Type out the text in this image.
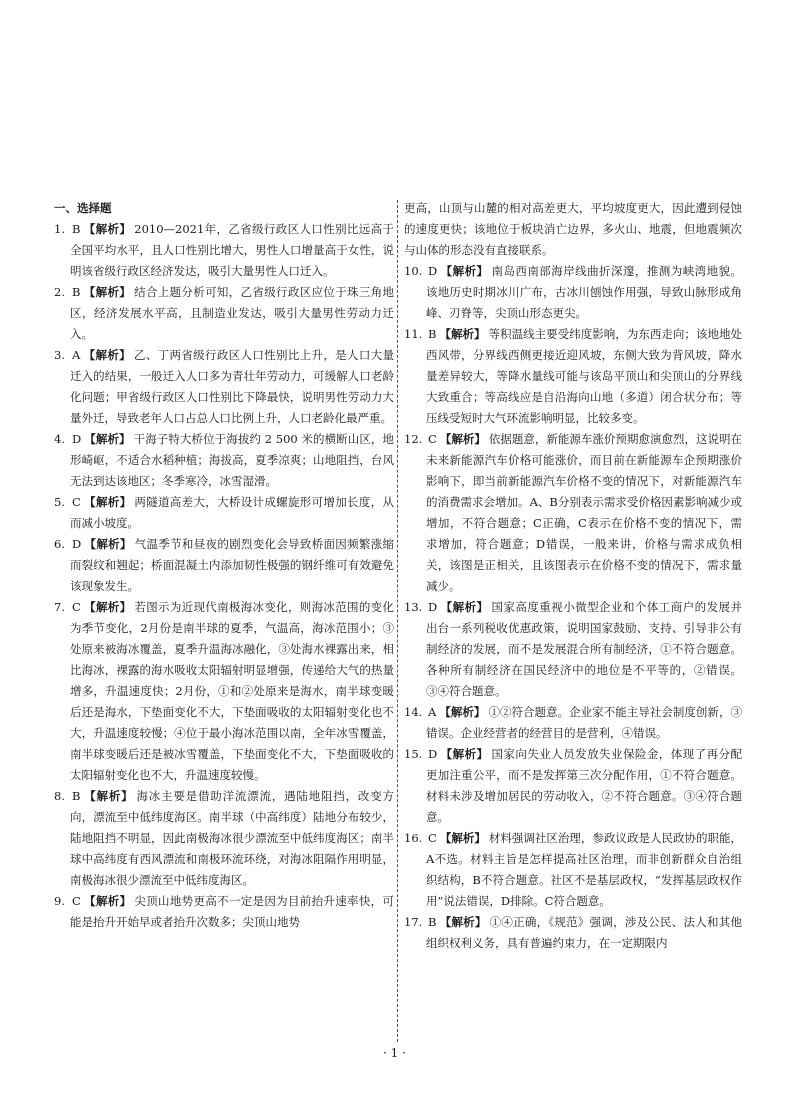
一、选择题
1. B 【解析】 2010—2021年，乙省级行政区人口性别比远高于全国平均水平，且人口性别比增大，男性人口增量高于女性，说明该省级行政区经济发达，吸引大量男性人口迁入。
2. B 【解析】 结合上题分析可知，乙省级行政区应位于珠三角地区，经济发展水平高，且制造业发达，吸引大量男性劳动力迁入。
3. A 【解析】 乙、丁两省级行政区人口性别比上升，是人口大量迁入的结果，一般迁入人口多为青壮年劳动力，可缓解人口老龄化问题；甲省级行政区人口性别比下降最快，说明男性劳动力大量外迁，导致老年人口占总人口比例上升，人口老龄化最严重。
4. D 【解析】 干海子特大桥位于海拔约 2 500 米的横断山区，地形崎岖，不适合水稻种植；海拔高，夏季凉爽；山地阻挡，台风无法到达该地区；冬季寒冷，冰雪湿滑。
5. C 【解析】 两隧道高差大，大桥设计成螺旋形可增加长度，从而减小坡度。
6. D 【解析】 气温季节和昼夜的剧烈变化会导致桥面因频繁涨缩而裂纹和翘起；桥面混凝土内添加韧性极强的钢纤维可有效避免该现象发生。
7. C 【解析】 若图示为近现代南极海冰变化，则海冰范围的变化为季节变化，2月份是南半球的夏季，气温高，海冰范围小；③处原来被海冰覆盖，夏季升温海冰融化，③处海水裸露出来，相比海冰，裸露的海水吸收太阳辐射明显增强，传递给大气的热量增多，升温速度快；2月份，①和②处原来是海水，南半球变暖后还是海水，下垫面变化不大，下垫面吸收的太阳辐射变化也不大，升温速度较慢；④位于最小海冰范围以南，全年冰雪覆盖，南半球变暖后还是被冰雪覆盖，下垫面变化不大，下垫面吸收的太阳辐射变化也不大，升温速度较慢。
8. B 【解析】 海冰主要是借助洋流漂流，遇陆地阻挡，改变方向，漂流至中低纬度海区。南半球（中高纬度）陆地分布较少，陆地阻挡不明显，因此南极海冰很少漂流至中低纬度海区；南半球中高纬度有西风漂流和南极环流环绕，对海冰阻隔作用明显，南极海冰很少漂流至中低纬度海区。
9. C 【解析】 尖顶山地势更高不一定是因为目前抬升速率快，可能是抬升开始早或者抬升次数多；尖顶山地势
更高，山顶与山麓的相对高差更大，平均坡度更大，因此遭到侵蚀的速度更快；该地位于板块消亡边界，多火山、地震，但地震频次与山体的形态没有直接联系。
10. D 【解析】 南岛西南部海岸线曲折深邃，推测为峡湾地貌。该地历史时期冰川广布，古冰川刨蚀作用强，导致山脉形成角峰、刃脊等，尖顶山形态更尖。
11. B 【解析】 等积温线主要受纬度影响，为东西走向；该地地处西风带，分界线西侧更接近迎风坡，东侧大致为背风坡，降水量差异较大，等降水量线可能与该岛平顶山和尖顶山的分界线大致重合；等高线应是自沿海向山地（多道）闭合状分布；等压线受短时大气环流影响明显，比较多变。
12. C 【解析】 依据题意，新能源车涨价预期愈演愈烈，这说明在未来新能源汽车价格可能涨价，而目前在新能源车企预期涨价影响下，即当前新能源汽车价格不变的情况下，对新能源汽车的消费需求会增加。A、B分别表示需求受价格因素影响减少或增加，不符合题意；C正确，C表示在价格不变的情况下，需求增加，符合题意；D错误，一般来讲，价格与需求成负相关，该图是正相关，且该图表示在价格不变的情况下，需求量减少。
13. D 【解析】 国家高度重视小微型企业和个体工商户的发展并出台一系列税收优惠政策，说明国家鼓励、支持、引导非公有制经济的发展，而不是发展混合所有制经济，①不符合题意。各种所有制经济在国民经济中的地位是不平等的，②错误。③④符合题意。
14. A 【解析】 ①②符合题意。企业家不能主导社会制度创新，③错误。企业经营者的经营目的是营利，④错误。
15. D 【解析】 国家向失业人员发放失业保险金，体现了再分配更加注重公平，而不是发挥第三次分配作用，①不符合题意。材料未涉及增加居民的劳动收入，②不符合题意。③④符合题意。
16. C 【解析】 材料强调社区治理，参政议政是人民政协的职能，A不选。材料主旨是怎样提高社区治理，而非创新群众自治组织结构，B不符合题意。社区不是基层政权，“发挥基层政权作用”说法错误，D排除。C符合题意。
17. B 【解析】 ①④正确，《规范》强调，涉及公民、法人和其他组织权利义务，具有普遍约束力，在一定期限内
· 1 ·
